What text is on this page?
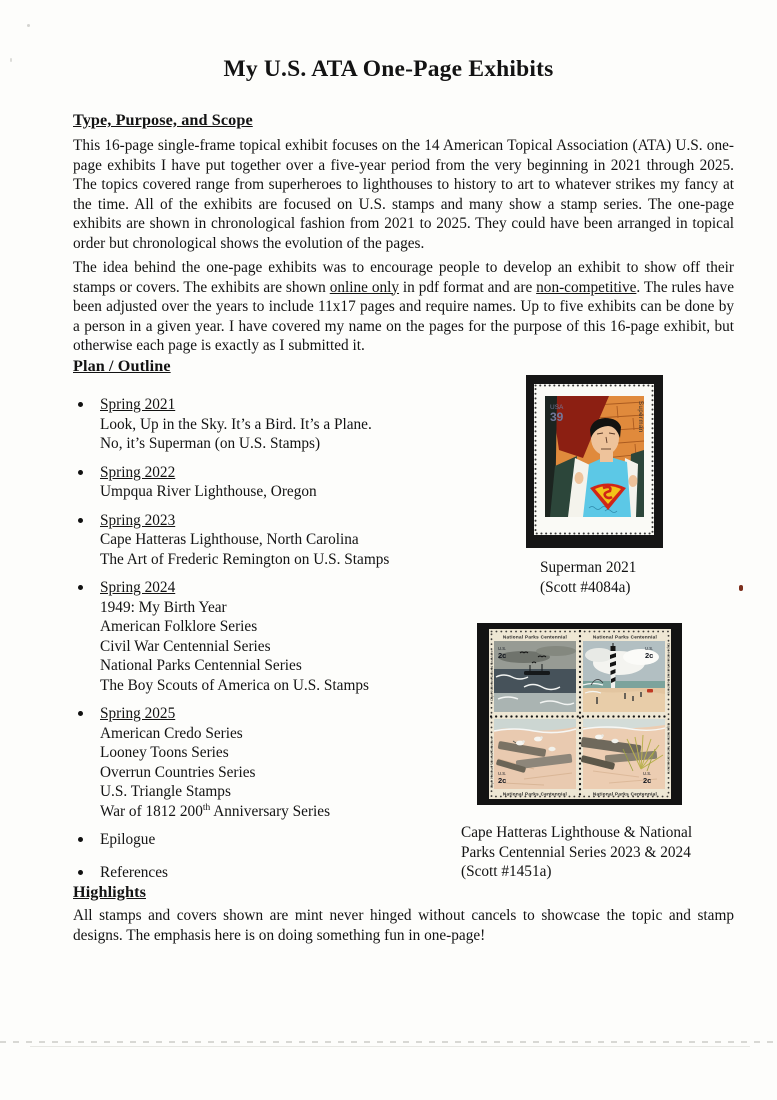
My U.S. ATA One-Page Exhibits
Type, Purpose, and Scope
This 16-page single-frame topical exhibit focuses on the 14 American Topical Association (ATA) U.S. one-page exhibits I have put together over a five-year period from the very beginning in 2021 through 2025. The topics covered range from superheroes to lighthouses to history to art to whatever strikes my fancy at the time. All of the exhibits are focused on U.S. stamps and many show a stamp series. The one-page exhibits are shown in chronological fashion from 2021 to 2025. They could have been arranged in topical order but chronological shows the evolution of the pages.
The idea behind the one-page exhibits was to encourage people to develop an exhibit to show off their stamps or covers. The exhibits are shown online only in pdf format and are non-competitive. The rules have been adjusted over the years to include 11x17 pages and require names. Up to five exhibits can be done by a person in a given year. I have covered my name on the pages for the purpose of this 16-page exhibit, but otherwise each page is exactly as I submitted it.
Plan / Outline
Spring 2021
Look, Up in the Sky. It’s a Bird. It’s a Plane.
No, it’s Superman (on U.S. Stamps)
Spring 2022
Umpqua River Lighthouse, Oregon
Spring 2023
Cape Hatteras Lighthouse, North Carolina
The Art of Frederic Remington on U.S. Stamps
Spring 2024
1949: My Birth Year
American Folklore Series
Civil War Centennial Series
National Parks Centennial Series
The Boy Scouts of America on U.S. Stamps
Spring 2025
American Credo Series
Looney Toons Series
Overrun Countries Series
U.S. Triangle Stamps
War of 1812 200th Anniversary Series
Epilogue
References
USA
39	Superman
Superman 2021
(Scott #4084a)
U.S.
2c
U.S.
2c
U.S.
2c
U.S.
2c
National Parks Centennial	National Parks Centennial
National Parks Centennial	National Parks Centennial
Cape Hatteras National Seashore
Cape Hatteras National Seashore
Cape Hatteras National Seashore
Cape Hatteras National Seashore
Cape Hatteras Lighthouse & National
Parks Centennial Series 2023 & 2024
(Scott #1451a)
Highlights
All stamps and covers shown are mint never hinged without cancels to showcase the topic and stamp designs. The emphasis here is on doing something fun in one-page!
